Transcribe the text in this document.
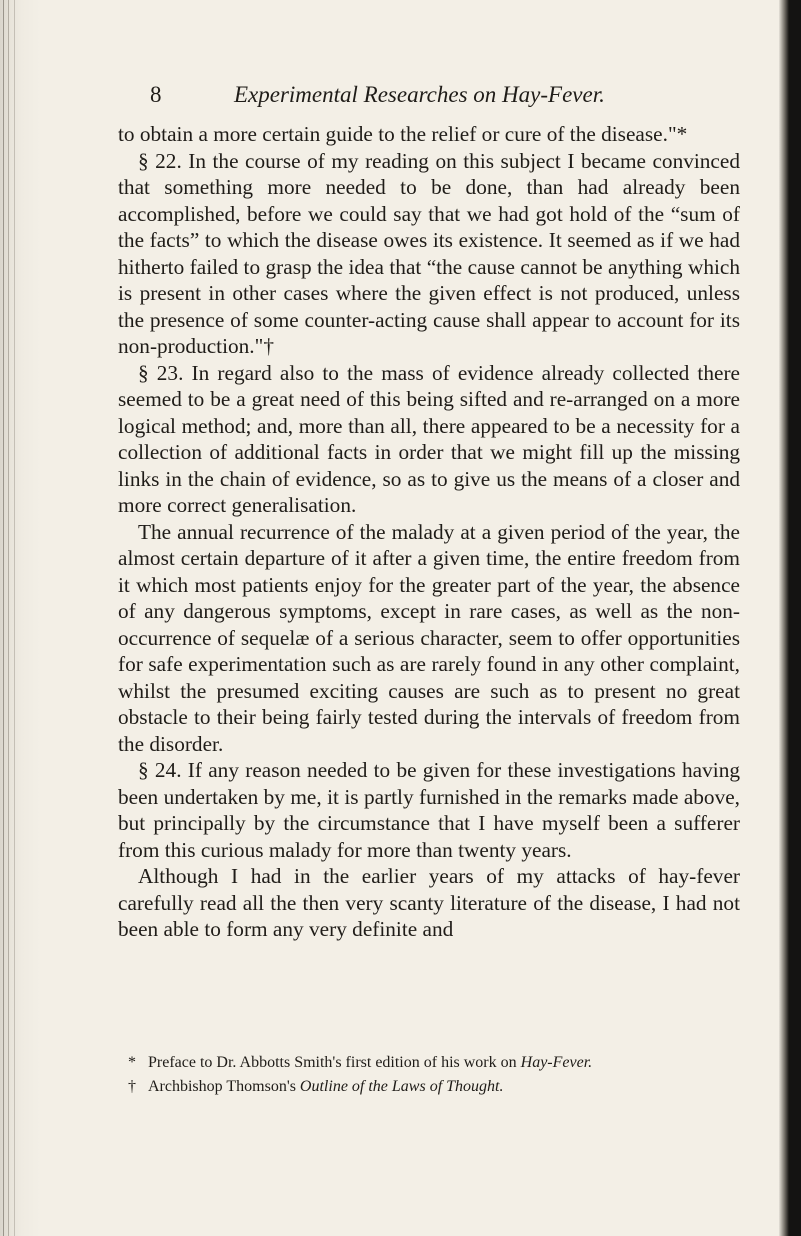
8	Experimental Researches on Hay-Fever.

to obtain a more certain guide to the relief or cure of the disease."*

§ 22. In the course of my reading on this subject I became convinced that something more needed to be done, than had already been accomplished, before we could say that we had got hold of the “sum of the facts” to which the disease owes its existence. It seemed as if we had hitherto failed to grasp the idea that “the cause cannot be anything which is present in other cases where the given effect is not produced, unless the presence of some counter-acting cause shall appear to account for its non-production."†

§ 23. In regard also to the mass of evidence already collected there seemed to be a great need of this being sifted and re-arranged on a more logical method; and, more than all, there appeared to be a necessity for a collection of additional facts in order that we might fill up the missing links in the chain of evidence, so as to give us the means of a closer and more correct generalisation.

The annual recurrence of the malady at a given period of the year, the almost certain departure of it after a given time, the entire freedom from it which most patients enjoy for the greater part of the year, the absence of any dangerous symptoms, except in rare cases, as well as the non-occurrence of sequelæ of a serious character, seem to offer opportunities for safe experimentation such as are rarely found in any other complaint, whilst the presumed exciting causes are such as to present no great obstacle to their being fairly tested during the intervals of freedom from the disorder.

§ 24. If any reason needed to be given for these investigations having been undertaken by me, it is partly furnished in the remarks made above, but principally by the circumstance that I have myself been a sufferer from this curious malady for more than twenty years.

Although I had in the earlier years of my attacks of hay-fever carefully read all the then very scanty literature of the disease, I had not been able to form any very definite and

* Preface to Dr. Abbotts Smith's first edition of his work on Hay-Fever.

† Archbishop Thomson's Outline of the Laws of Thought.
